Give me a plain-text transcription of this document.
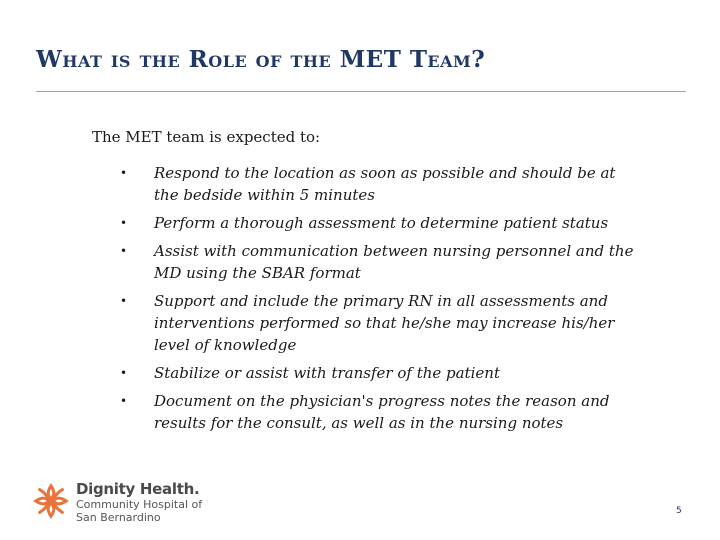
What is the Role of the MET Team?
The MET team is expected to:
•	Respond to the location as soon as possible and should be at the bedside within 5 minutes
•	Perform a thorough assessment to determine patient status
•	Assist with communication between nursing personnel and the MD using the SBAR format
•	Support and include the primary RN in all assessments and interventions performed so that he/she may increase his/her level of knowledge
•	Stabilize or assist with transfer of the patient
•	Document on the physician's progress notes the reason and results for the consult, as well as in the nursing notes
Dignity Health.
Community Hospital of
San Bernardino	5
